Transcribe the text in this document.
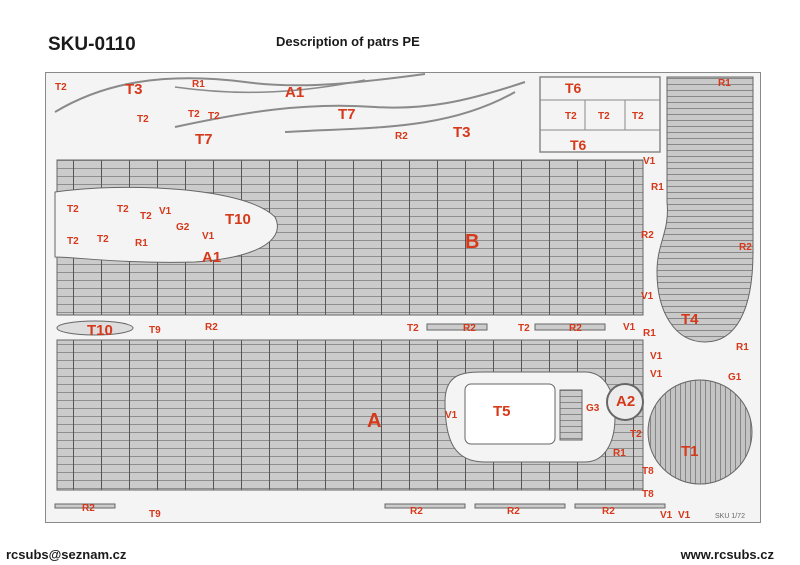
SKU-0110	Description of patrs PE
T2	T3	R1	A1	T6	R1
T7
T7
T2	T2 T2
R2	T3
T2 T2 T2
T6
V1
R1
T2	T2
T2 V1	T10
G2
V1
T2 T2	R1
A1
B	R2
R2
V1
T4
T10	T9	R2	T2	R2	T2	R2	V1
R1
V1
R1
V1	G1
A	T5
V1
G3 A2
T2
T1
R1
T8
T8
R2
T9	R2	R2	R2	V1 V1	SKU 1/72
rcsubs@seznam.cz	www.rcsubs.cz
